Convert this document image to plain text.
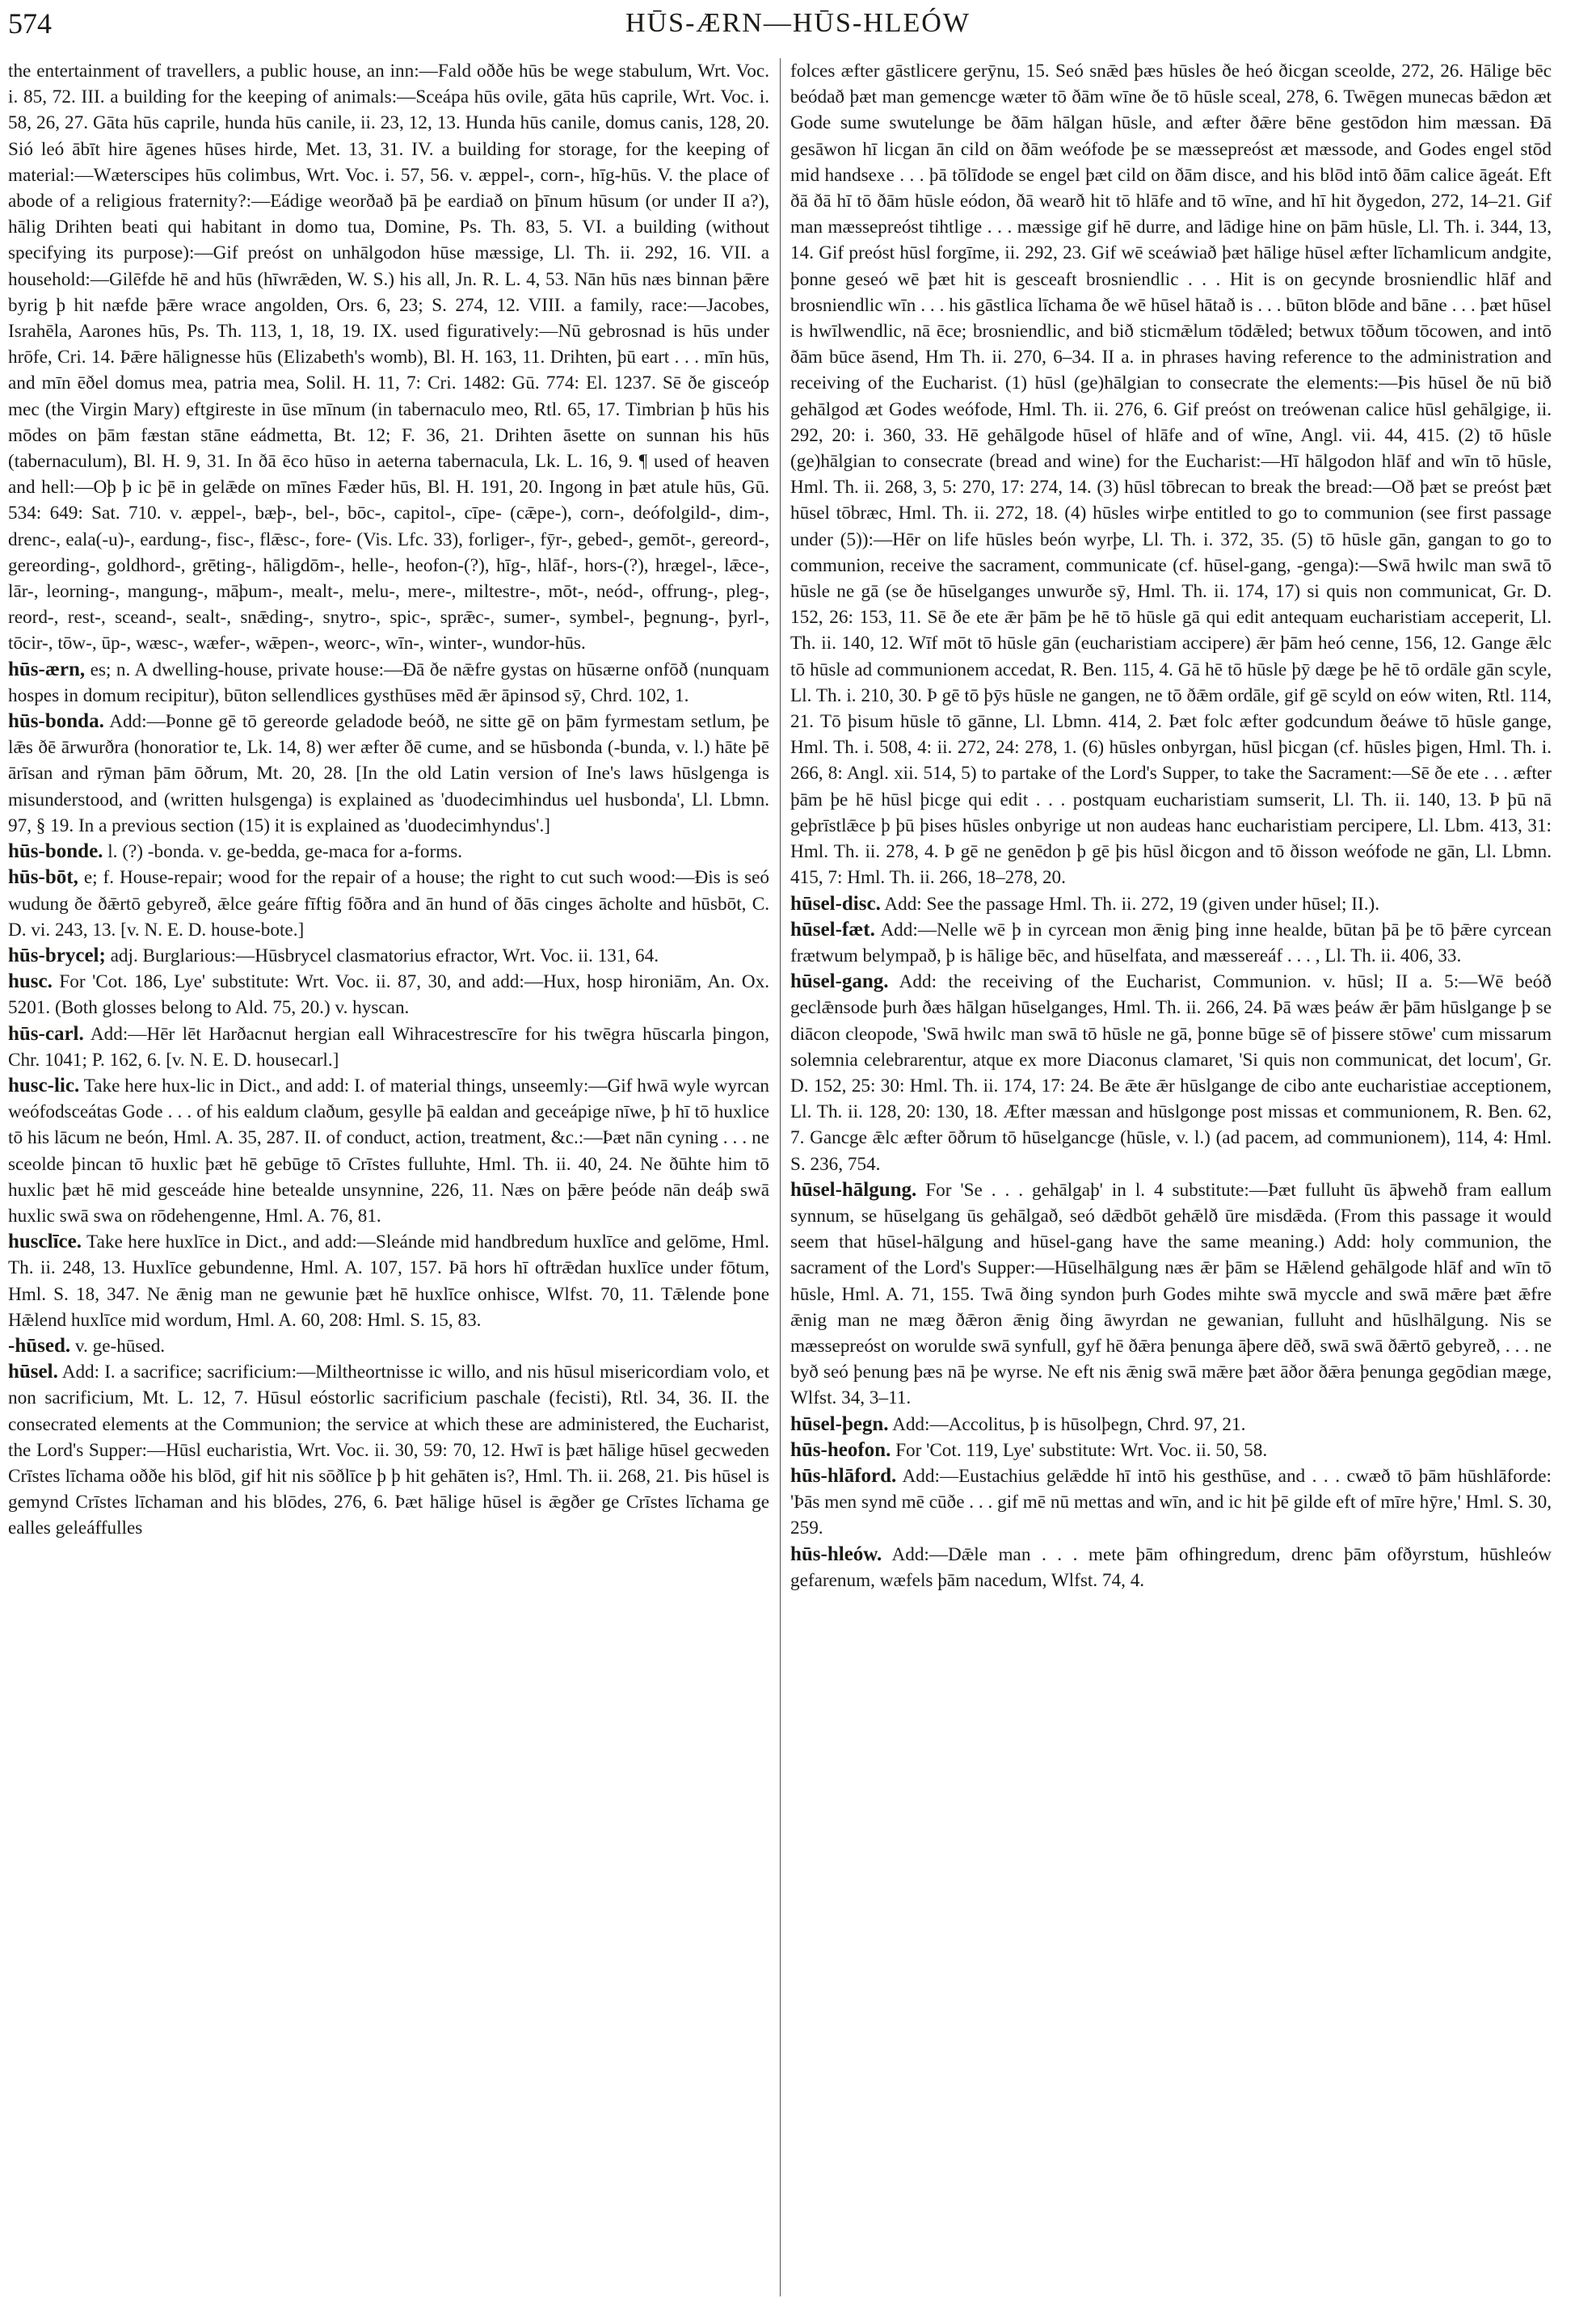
574	HŪS-ÆRN—HŪS-HLEÓW

the entertainment of travellers, a public house, an inn:—Fald oððe hūs be wege stabulum, Wrt. Voc. i. 85, 72. III. a building for the keeping of animals:—Sceápa hūs ovile, gāta hūs caprile, Wrt. Voc. i. 58, 26, 27. Gāta hūs caprile, hunda hūs canile, ii. 23, 12, 13. Hunda hūs canile, domus canis, 128, 20. Sió leó ābīt hire āgenes hūses hirde, Met. 13, 31. IV. a building for storage, for the keeping of material:—Wæterscipes hūs colimbus, Wrt. Voc. i. 57, 56. v. æppel-, corn-, hīg-hūs. V. the place of abode of a religious fraternity?:—Eádige weorðað þā þe eardiað on þīnum hūsum (or under II a?), hālig Drihten beati qui habitant in domo tua, Domine, Ps. Th. 83, 5. VI. a building (without specifying its purpose):—Gif preóst on unhālgodon hūse mæssige, Ll. Th. ii. 292, 16. VII. a household:—Gilēfde hē and hūs (hīwrǣden, W. S.) his all, Jn. R. L. 4, 53. Nān hūs næs binnan þǣre byrig þ hit næfde þǣre wrace angolden, Ors. 6, 23; S. 274, 12. VIII. a family, race:—Jacobes, Israhēla, Aarones hūs, Ps. Th. 113, 1, 18, 19. IX. used figuratively:—Nū gebrosnad is hūs under hrōfe, Cri. 14. Þǣre hālignesse hūs (Elizabeth's womb), Bl. H. 163, 11. Drihten, þū eart . . . mīn hūs, and mīn ēðel domus mea, patria mea, Solil. H. 11, 7: Cri. 1482: Gū. 774: El. 1237. Sē ðe gisceóp mec (the Virgin Mary) eftgireste in ūse mīnum (in tabernaculo meo, Rtl. 65, 17. Timbrian þ hūs his mōdes on þām fæstan stāne eádmetta, Bt. 12; F. 36, 21. Drihten āsette on sunnan his hūs (tabernaculum), Bl. H. 9, 31. In ðā ēco hūso in aeterna tabernacula, Lk. L. 16, 9. ¶ used of heaven and hell:—Oþ þ ic þē in gelǣde on mīnes Fæder hūs, Bl. H. 191, 20. Ingong in þæt atule hūs, Gū. 534: 649: Sat. 710. v. æppel-, bæþ-, bel-, bōc-, capitol-, cīpe- (cǣpe-), corn-, deófolgild-, dim-, drenc-, eala(-u)-, eardung-, fisc-, flǣsc-, fore- (Vis. Lfc. 33), forliger-, fȳr-, gebed-, gemōt-, gereord-, gereording-, goldhord-, grēting-, hāligdōm-, helle-, heofon-(?), hīg-, hlāf-, hors-(?), hrægel-, lǣce-, lār-, leorning-, mangung-, māþum-, mealt-, melu-, mere-, miltestre-, mōt-, neód-, offrung-, pleg-, reord-, rest-, sceand-, sealt-, snǣding-, snytro-, spic-, sprǣc-, sumer-, symbel-, þegnung-, þyrl-, tōcir-, tōw-, ūp-, wæsc-, wæfer-, wǣpen-, weorc-, wīn-, winter-, wundor-hūs.

hūs-ærn, es; n. A dwelling-house, private house:—Đā ðe nǣfre gystas on hūsærne onfōð (nunquam hospes in domum recipitur), būton sellendlices gysthūses mēd ǣr āpinsod sȳ, Chrd. 102, 1.

hūs-bonda. Add:—Þonne gē tō gereorde geladode beóð, ne sitte gē on þām fyrmestam setlum, þe lǣs ðē ārwurðra (honoratior te, Lk. 14, 8) wer æfter ðē cume, and se hūsbonda (-bunda, v. l.) hāte þē ārīsan and rȳman þām ōðrum, Mt. 20, 28. [In the old Latin version of Ine's laws hūslgenga is misunderstood, and (written hulsgenga) is explained as 'duodecimhindus uel husbonda', Ll. Lbmn. 97, § 19. In a previous section (15) it is explained as 'duodecimhyndus'.]

hūs-bonde. l. (?) -bonda. v. ge-bedda, ge-maca for a-forms.

hūs-bōt, e; f. House-repair; wood for the repair of a house; the right to cut such wood:—Đis is seó wudung ðe ðǣrtō gebyreð, ǣlce geáre fīftig fōðra and ān hund of ðās cinges ācholte and hūsbōt, C. D. vi. 243, 13. [v. N. E. D. house-bote.]

hūs-brycel; adj. Burglarious:—Hūsbrycel clasmatorius efractor, Wrt. Voc. ii. 131, 64.

husc. For 'Cot. 186, Lye' substitute: Wrt. Voc. ii. 87, 30, and add:—Hux, hosp hironiām, An. Ox. 5201. (Both glosses belong to Ald. 75, 20.) v. hyscan.

hūs-carl. Add:—Hēr lēt Harðacnut hergian eall Wihracestrescīre for his twēgra hūscarla þingon, Chr. 1041; P. 162, 6. [v. N. E. D. housecarl.]

husc-lic. Take here hux-lic in Dict., and add: I. of material things, unseemly:—Gif hwā wyle wyrcan weófodsceátas Gode . . . of his ealdum claðum, gesylle þā ealdan and geceápige nīwe, þ hī tō huxlice tō his lācum ne beón, Hml. A. 35, 287. II. of conduct, action, treatment, &c.:—Þæt nān cyning . . . ne sceolde þincan tō huxlic þæt hē gebūge tō Crīstes fulluhte, Hml. Th. ii. 40, 24. Ne ðūhte him tō huxlic þæt hē mid gesceáde hine betealde unsynnine, 226, 11. Næs on þǣre þeóde nān deáþ swā huxlic swā swa on rōdehengenne, Hml. A. 76, 81.

husclīce. Take here huxlīce in Dict., and add:—Sleánde mid handbredum huxlīce and gelōme, Hml. Th. ii. 248, 13. Huxlīce gebundenne, Hml. A. 107, 157. Þā hors hī oftrǣdan huxlīce under fōtum, Hml. S. 18, 347. Ne ǣnig man ne gewunie þæt hē huxlīce onhisce, Wlfst. 70, 11. Tǣlende þone Hǣlend huxlīce mid wordum, Hml. A. 60, 208: Hml. S. 15, 83.

-hūsed. v. ge-hūsed.

hūsel. Add: I. a sacrifice; sacrificium:—Miltheortnisse ic willo, and nis hūsul misericordiam volo, et non sacrificium, Mt. L. 12, 7. Hūsul eóstorlic sacrificium paschale (fecisti), Rtl. 34, 36. II. the consecrated elements at the Communion; the service at which these are administered, the Eucharist, the Lord's Supper:—Hūsl eucharistia, Wrt. Voc. ii. 30, 59: 70, 12. Hwī is þæt hālige hūsel gecweden Crīstes līchama oððe his blōd, gif hit nis sōðlīce þ þ hit gehāten is?, Hml. Th. ii. 268, 21. Þis hūsel is gemynd Crīstes līchaman and his blōdes, 276, 6. Þæt hālige hūsel is ǣgðer ge Crīstes līchama ge ealles geleáffulles

folces æfter gāstlicere gerȳnu, 15. Seó snǣd þæs hūsles ðe heó ðicgan sceolde, 272, 26. Hālige bēc beódað þæt man gemencge wæter tō ðām wīne ðe tō hūsle sceal, 278, 6. Twēgen munecas bǣdon æt Gode sume swutelunge be ðām hālgan hūsle, and æfter ðǣre bēne gestōdon him mæssan. Đā gesāwon hī licgan ān cild on ðām weófode þe se mæssepreóst æt mæssode, and Godes engel stōd mid handsexe . . . þā tōlīdode se engel þæt cild on ðām disce, and his blōd intō ðām calice āgeát. Eft ðā ðā hī tō ðām hūsle eódon, ðā wearð hit tō hlāfe and tō wīne, and hī hit ðygedon, 272, 14–21. Gif man mæssepreóst tihtlige . . . mæssige gif hē durre, and lādige hine on þām hūsle, Ll. Th. i. 344, 13, 14. Gif preóst hūsl forgīme, ii. 292, 23. Gif wē sceáwiað þæt hālige hūsel æfter līchamlicum andgite, þonne geseó wē þæt hit is gesceaft brosniendlic . . . Hit is on gecynde brosniendlic hlāf and brosniendlic wīn . . . his gāstlica līchama ðe wē hūsel hātað is . . . būton blōde and bāne . . . þæt hūsel is hwīlwendlic, nā ēce; brosniendlic, and bið sticmǣlum tōdǣled; betwux tōðum tōcowen, and intō ðām būce āsend, Hm Th. ii. 270, 6–34. II a. in phrases having reference to the administration and receiving of the Eucharist. (1) hūsl (ge)hālgian to consecrate the elements:—Þis hūsel ðe nū bið gehālgod æt Godes weófode, Hml. Th. ii. 276, 6. Gif preóst on treówenan calice hūsl gehālgige, ii. 292, 20: i. 360, 33. Hē gehālgode hūsel of hlāfe and of wīne, Angl. vii. 44, 415. (2) tō hūsle (ge)hālgian to consecrate (bread and wine) for the Eucharist:—Hī hālgodon hlāf and wīn tō hūsle, Hml. Th. ii. 268, 3, 5: 270, 17: 274, 14. (3) hūsl tōbrecan to break the bread:—Oð þæt se preóst þæt hūsel tōbræc, Hml. Th. ii. 272, 18. (4) hūsles wirþe entitled to go to communion (see first passage under (5)):—Hēr on life hūsles beón wyrþe, Ll. Th. i. 372, 35. (5) tō hūsle gān, gangan to go to communion, receive the sacrament, communicate (cf. hūsel-gang, -genga):—Swā hwilc man swā tō hūsle ne gā (se ðe hūselganges unwurðe sȳ, Hml. Th. ii. 174, 17) si quis non communicat, Gr. D. 152, 26: 153, 11. Sē ðe ete ǣr þām þe hē tō hūsle gā qui edit antequam eucharistiam acceperit, Ll. Th. ii. 140, 12. Wīf mōt tō hūsle gān (eucharistiam accipere) ǣr þām heó cenne, 156, 12. Gange ǣlc tō hūsle ad communionem accedat, R. Ben. 115, 4. Gā hē tō hūsle þȳ dæge þe hē tō ordāle gān scyle, Ll. Th. i. 210, 30. Þ gē tō þȳs hūsle ne gangen, ne tō ðǣm ordāle, gif gē scyld on eów witen, Rtl. 114, 21. Tō þisum hūsle tō gānne, Ll. Lbmn. 414, 2. Þæt folc æfter godcundum ðeáwe tō hūsle gange, Hml. Th. i. 508, 4: ii. 272, 24: 278, 1. (6) hūsles onbyrgan, hūsl þicgan (cf. hūsles þigen, Hml. Th. i. 266, 8: Angl. xii. 514, 5) to partake of the Lord's Supper, to take the Sacrament:—Sē ðe ete . . . æfter þām þe hē hūsl þicge qui edit . . . postquam eucharistiam sumserit, Ll. Th. ii. 140, 13. Þ þū nā geþrīstlǣce þ þū þises hūsles onbyrige ut non audeas hanc eucharistiam percipere, Ll. Lbm. 413, 31: Hml. Th. ii. 278, 4. Þ gē ne genēdon þ gē þis hūsl ðicgon and tō ðisson weófode ne gān, Ll. Lbmn. 415, 7: Hml. Th. ii. 266, 18–278, 20.

hūsel-disc. Add: See the passage Hml. Th. ii. 272, 19 (given under hūsel; II.).

hūsel-fæt. Add:—Nelle wē þ in cyrcean mon ǣnig þing inne healde, būtan þā þe tō þǣre cyrcean frætwum belympað, þ is hālige bēc, and hūselfata, and mæssereáf . . . , Ll. Th. ii. 406, 33.

hūsel-gang. Add: the receiving of the Eucharist, Communion. v. hūsl; II a. 5:—Wē beóð geclǣnsode þurh ðæs hālgan hūselganges, Hml. Th. ii. 266, 24. Þā wæs þeáw ǣr þām hūslgange þ se diācon cleopode, 'Swā hwilc man swā tō hūsle ne gā, þonne būge sē of þissere stōwe' cum missarum solemnia celebrarentur, atque ex more Diaconus clamaret, 'Si quis non communicat, det locum', Gr. D. 152, 25: 30: Hml. Th. ii. 174, 17: 24. Be ǣte ǣr hūslgange de cibo ante eucharistiae acceptionem, Ll. Th. ii. 128, 20: 130, 18. Æfter mæssan and hūslgonge post missas et communionem, R. Ben. 62, 7. Gancge ǣlc æfter ōðrum tō hūselgancge (hūsle, v. l.) (ad pacem, ad communionem), 114, 4: Hml. S. 236, 754.

hūsel-hālgung. For 'Se . . . gehālgaþ' in l. 4 substitute:—Þæt fulluht ūs āþwehð fram eallum synnum, se hūselgang ūs gehālgað, seó dǣdbōt gehǣlð ūre misdǣda. (From this passage it would seem that hūsel-hālgung and hūsel-gang have the same meaning.) Add: holy communion, the sacrament of the Lord's Supper:—Hūselhālgung næs ǣr þām se Hǣlend gehālgode hlāf and wīn tō hūsle, Hml. A. 71, 155. Twā ðing syndon þurh Godes mihte swā myccle and swā mǣre þæt ǣfre ǣnig man ne mæg ðǣron ǣnig ðing āwyrdan ne gewanian, fulluht and hūslhālgung. Nis se mæssepreóst on worulde swā synfull, gyf hē ðǣra þenunga āþere dēð, swā swā ðǣrtō gebyreð, . . . ne byð seó þenung þæs nā þe wyrse. Ne eft nis ǣnig swā mǣre þæt āðor ðǣra þenunga gegōdian mæge, Wlfst. 34, 3–11.

hūsel-þegn. Add:—Accolitus, þ is hūsolþegn, Chrd. 97, 21.

hūs-heofon. For 'Cot. 119, Lye' substitute: Wrt. Voc. ii. 50, 58.

hūs-hlāford. Add:—Eustachius gelǣdde hī intō his gesthūse, and . . . cwæð tō þām hūshlāforde: 'Þās men synd mē cūðe . . . gif mē nū mettas and wīn, and ic hit þē gilde eft of mīre hȳre,' Hml. S. 30, 259.

hūs-hleów. Add:—Dǣle man . . . mete þām ofhingredum, drenc þām ofðyrstum, hūshleów gefarenum, wæfels þām nacedum, Wlfst. 74, 4.
